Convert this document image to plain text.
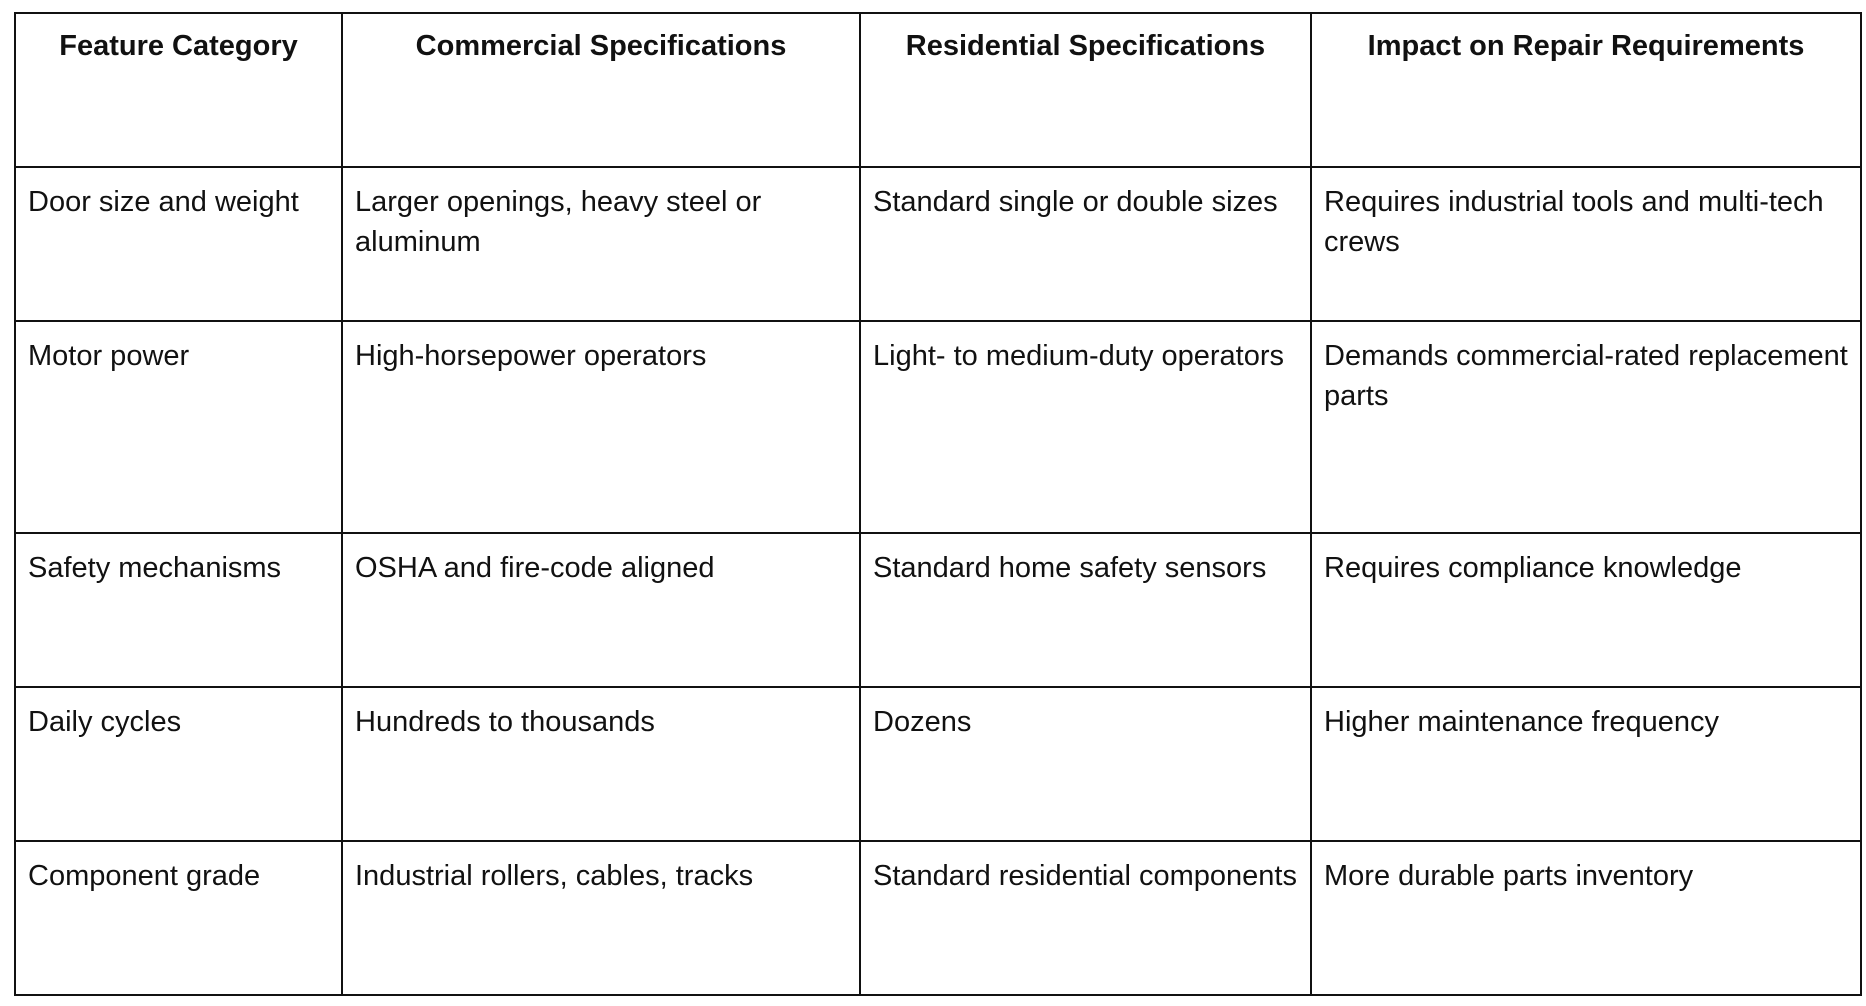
Feature Category	Commercial Specifications	Residential Specifications	Impact on Repair Requirements
Door size and weight	Larger openings, heavy steel or aluminum	Standard single or double sizes	Requires industrial tools and multi-tech crews
Motor power	High-horsepower operators	Light- to medium-duty operators	Demands commercial-rated replacement parts
Safety mechanisms	OSHA and fire-code aligned	Standard home safety sensors	Requires compliance knowledge
Daily cycles	Hundreds to thousands	Dozens	Higher maintenance frequency
Component grade	Industrial rollers, cables, tracks	Standard residential components	More durable parts inventory
